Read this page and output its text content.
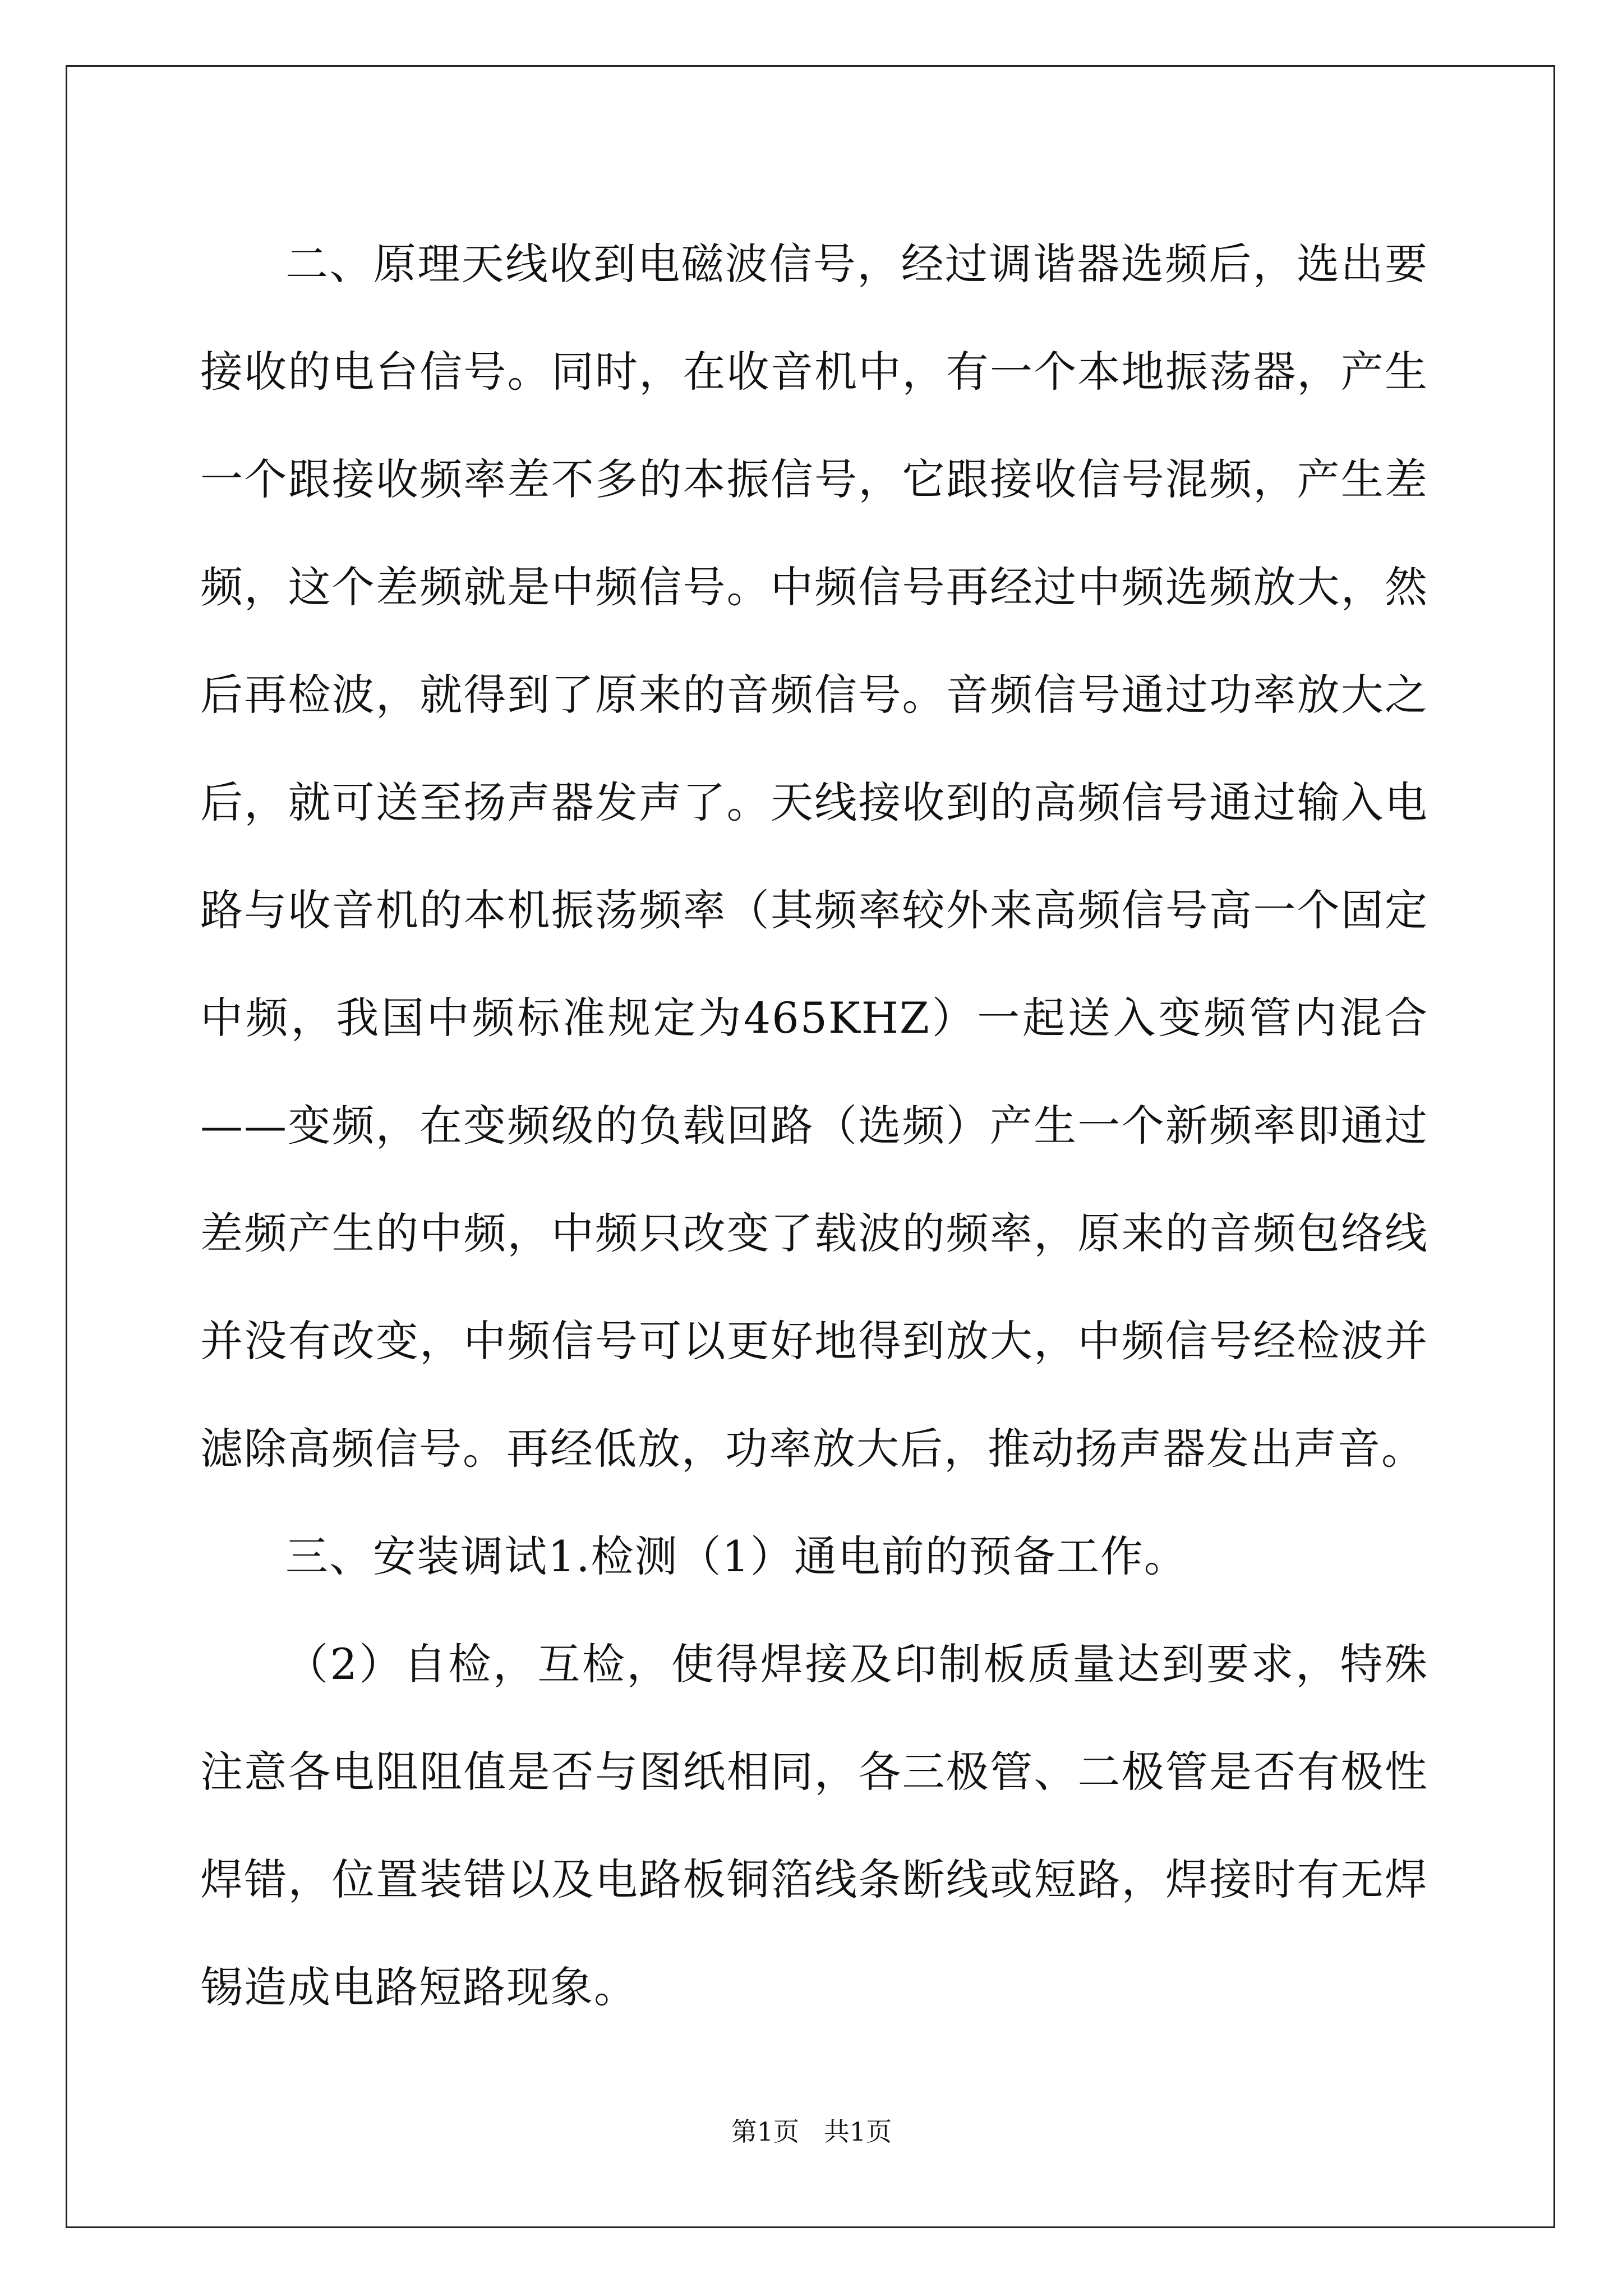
二、原理天线收到电磁波信号，经过调谐器选频后，选出要接收的电台信号。同时，在收音机中，有一个本地振荡器，产生一个跟接收频率差不多的本振信号，它跟接收信号混频，产生差频，这个差频就是中频信号。中频信号再经过中频选频放大，然后再检波，就得到了原来的音频信号。音频信号通过功率放大之后，就可送至扬声器发声了。天线接收到的高频信号通过输入电路与收音机的本机振荡频率（其频率较外来高频信号高一个固定中频，我国中频标准规定为465KHZ）一起送入变频管内混合——变频，在变频级的负载回路（选频）产生一个新频率即通过差频产生的中频，中频只改变了载波的频率，原来的音频包络线并没有改变，中频信号可以更好地得到放大，中频信号经检波并滤除高频信号。再经低放，功率放大后，推动扬声器发出声音。

三、安装调试1.检测（1）通电前的预备工作。

（2）自检，互检，使得焊接及印制板质量达到要求，特殊注意各电阻阻值是否与图纸相同，各三极管、二极管是否有极性焊错，位置装错以及电路板铜箔线条断线或短路，焊接时有无焊锡造成电路短路现象。

第1页   共1页
